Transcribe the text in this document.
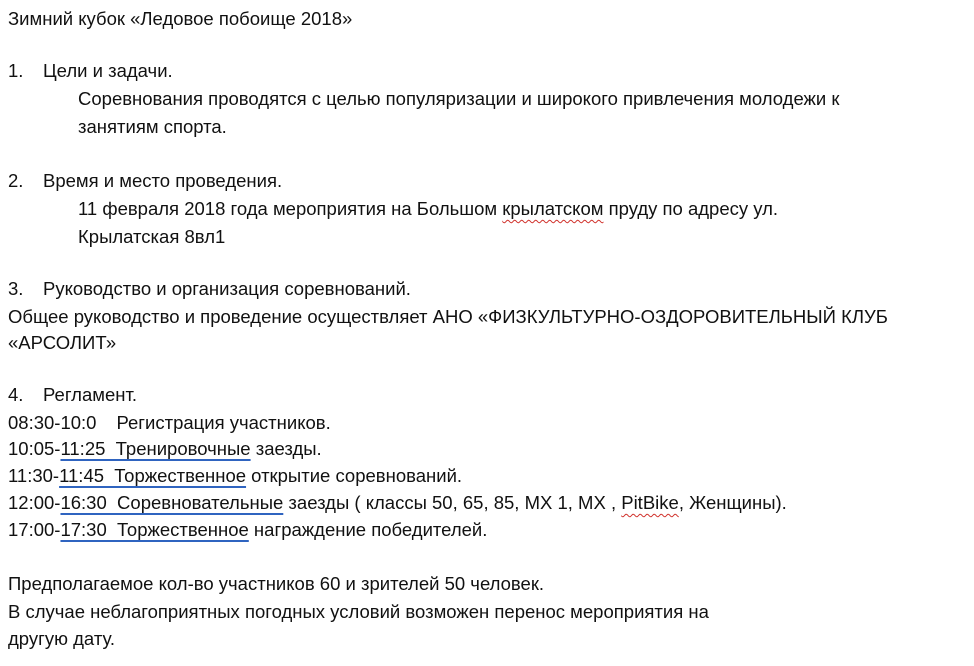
Зимний кубок «Ледовое побоище 2018»
1. Цели и задачи.
Соревнования проводятся с целью популяризации и широкого привлечения молодежи к
занятиям спорта.
2. Время и место проведения.
11 февраля 2018 года мероприятия на Большом крылатском пруду по адресу ул.
Крылатская 8вл1
3. Руководство и организация соревнований.
Общее руководство и проведение осуществляет АНО «ФИЗКУЛЬТУРНО-ОЗДОРОВИТЕЛЬНЫЙ КЛУБ
«АРСОЛИТ»
4. Регламент.
08:30-10:0 Регистрация участников.
10:05-11:25  Тренировочные заезды.
11:30-11:45  Торжественное открытие соревнований.
12:00-16:30  Соревновательные заезды ( классы 50, 65, 85, МХ 1, МХ , PitBike, Женщины).
17:00-17:30  Торжественное награждение победителей.
Предполагаемое кол-во участников 60 и зрителей 50 человек.
В случае неблагоприятных погодных условий возможен перенос мероприятия на
другую дату.
